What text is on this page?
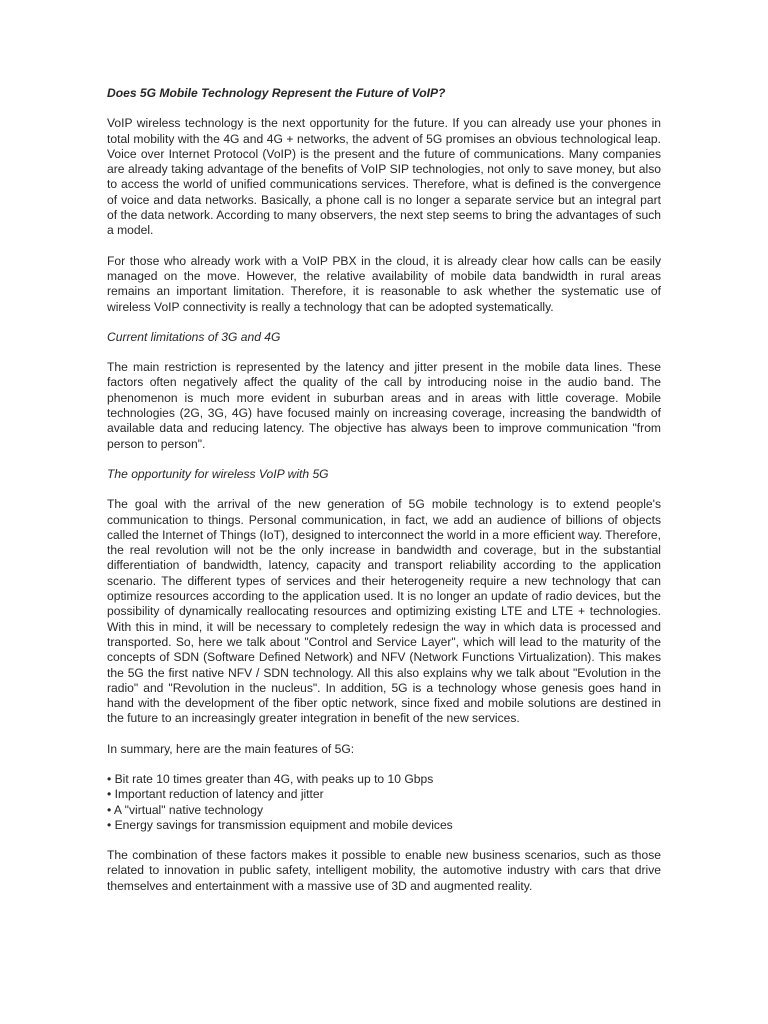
Does 5G Mobile Technology Represent the Future of VoIP?

VoIP wireless technology is the next opportunity for the future. If you can already use your phones in total mobility with the 4G and 4G + networks, the advent of 5G promises an obvious technological leap. Voice over Internet Protocol (VoIP) is the present and the future of communications. Many companies are already taking advantage of the benefits of VoIP SIP technologies, not only to save money, but also to access the world of unified communications services. Therefore, what is defined is the convergence of voice and data networks. Basically, a phone call is no longer a separate service but an integral part of the data network. According to many observers, the next step seems to bring the advantages of such a model.

For those who already work with a VoIP PBX in the cloud, it is already clear how calls can be easily managed on the move. However, the relative availability of mobile data bandwidth in rural areas remains an important limitation. Therefore, it is reasonable to ask whether the systematic use of wireless VoIP connectivity is really a technology that can be adopted systematically.

Current limitations of 3G and 4G

The main restriction is represented by the latency and jitter present in the mobile data lines. These factors often negatively affect the quality of the call by introducing noise in the audio band. The phenomenon is much more evident in suburban areas and in areas with little coverage. Mobile technologies (2G, 3G, 4G) have focused mainly on increasing coverage, increasing the bandwidth of available data and reducing latency. The objective has always been to improve communication "from person to person".

The opportunity for wireless VoIP with 5G

The goal with the arrival of the new generation of 5G mobile technology is to extend people's communication to things. Personal communication, in fact, we add an audience of billions of objects called the Internet of Things (IoT), designed to interconnect the world in a more efficient way. Therefore, the real revolution will not be the only increase in bandwidth and coverage, but in the substantial differentiation of bandwidth, latency, capacity and transport reliability according to the application scenario. The different types of services and their heterogeneity require a new technology that can optimize resources according to the application used. It is no longer an update of radio devices, but the possibility of dynamically reallocating resources and optimizing existing LTE and LTE + technologies. With this in mind, it will be necessary to completely redesign the way in which data is processed and transported. So, here we talk about "Control and Service Layer", which will lead to the maturity of the concepts of SDN (Software Defined Network) and NFV (Network Functions Virtualization). This makes the 5G the first native NFV / SDN technology. All this also explains why we talk about "Evolution in the radio" and "Revolution in the nucleus". In addition, 5G is a technology whose genesis goes hand in hand with the development of the fiber optic network, since fixed and mobile solutions are destined in the future to an increasingly greater integration in benefit of the new services.

In summary, here are the main features of 5G:

• Bit rate 10 times greater than 4G, with peaks up to 10 Gbps
• Important reduction of latency and jitter
• A "virtual" native technology
• Energy savings for transmission equipment and mobile devices

The combination of these factors makes it possible to enable new business scenarios, such as those related to innovation in public safety, intelligent mobility, the automotive industry with cars that drive themselves and entertainment with a massive use of 3D and augmented reality.
